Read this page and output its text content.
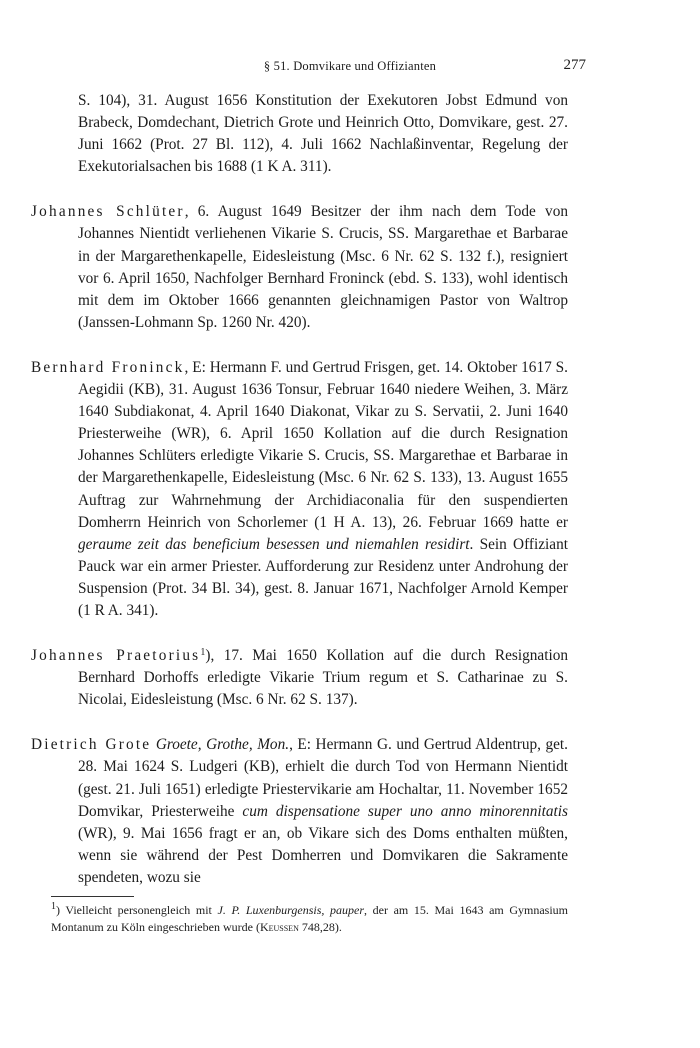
§ 51. Domvikare und Offizianten	277

S. 104), 31. August 1656 Konstitution der Exekutoren Jobst Edmund von Brabeck, Domdechant, Dietrich Grote und Heinrich Otto, Domvikare, gest. 27. Juni 1662 (Prot. 27 Bl. 112), 4. Juli 1662 Nachlaßinventar, Regelung der Exekutorialsachen bis 1688 (1 K A. 311).

Johannes Schlüter, 6. August 1649 Besitzer der ihm nach dem Tode von Johannes Nientidt verliehenen Vikarie S. Crucis, SS. Margarethae et Barbarae in der Margarethenkapelle, Eidesleistung (Msc. 6 Nr. 62 S. 132 f.), resigniert vor 6. April 1650, Nachfolger Bernhard Froninck (ebd. S. 133), wohl identisch mit dem im Oktober 1666 genannten gleichnamigen Pastor von Waltrop (Janssen-Lohmann Sp. 1260 Nr. 420).

Bernhard Froninck, E: Hermann F. und Gertrud Frisgen, get. 14. Oktober 1617 S. Aegidii (KB), 31. August 1636 Tonsur, Februar 1640 niedere Weihen, 3. März 1640 Subdiakonat, 4. April 1640 Diakonat, Vikar zu S. Servatii, 2. Juni 1640 Priesterweihe (WR), 6. April 1650 Kollation auf die durch Resignation Johannes Schlüters erledigte Vikarie S. Crucis, SS. Margarethae et Barbarae in der Margarethenkapelle, Eidesleistung (Msc. 6 Nr. 62 S. 133), 13. August 1655 Auftrag zur Wahrnehmung der Archidiaconalia für den suspendierten Domherrn Heinrich von Schorlemer (1 H A. 13), 26. Februar 1669 hatte er geraume zeit das beneficium besessen und niemahlen residirt. Sein Offiziant Pauck war ein armer Priester. Aufforderung zur Residenz unter Androhung der Suspension (Prot. 34 Bl. 34), gest. 8. Januar 1671, Nachfolger Arnold Kemper (1 R A. 341).

Johannes Praetorius$^1$), 17. Mai 1650 Kollation auf die durch Resignation Bernhard Dorhoffs erledigte Vikarie Trium regum et S. Catharinae zu S. Nicolai, Eidesleistung (Msc. 6 Nr. 62 S. 137).

Dietrich Grote Groete, Grothe, Mon., E: Hermann G. und Gertrud Aldentrup, get. 28. Mai 1624 S. Ludgeri (KB), erhielt die durch Tod von Hermann Nientidt (gest. 21. Juli 1651) erledigte Priestervikarie am Hochaltar, 11. November 1652 Domvikar, Priesterweihe cum dispensatione super uno anno minorennitatis (WR), 9. Mai 1656 fragt er an, ob Vikare sich des Doms enthalten müßten, wenn sie während der Pest Domherren und Domvikaren die Sakramente spendeten, wozu sie

$^1$) Vielleicht personengleich mit J. P. Luxenburgensis, pauper, der am 15. Mai 1643 am Gymnasium Montanum zu Köln eingeschrieben wurde (Keussen 748,28).
